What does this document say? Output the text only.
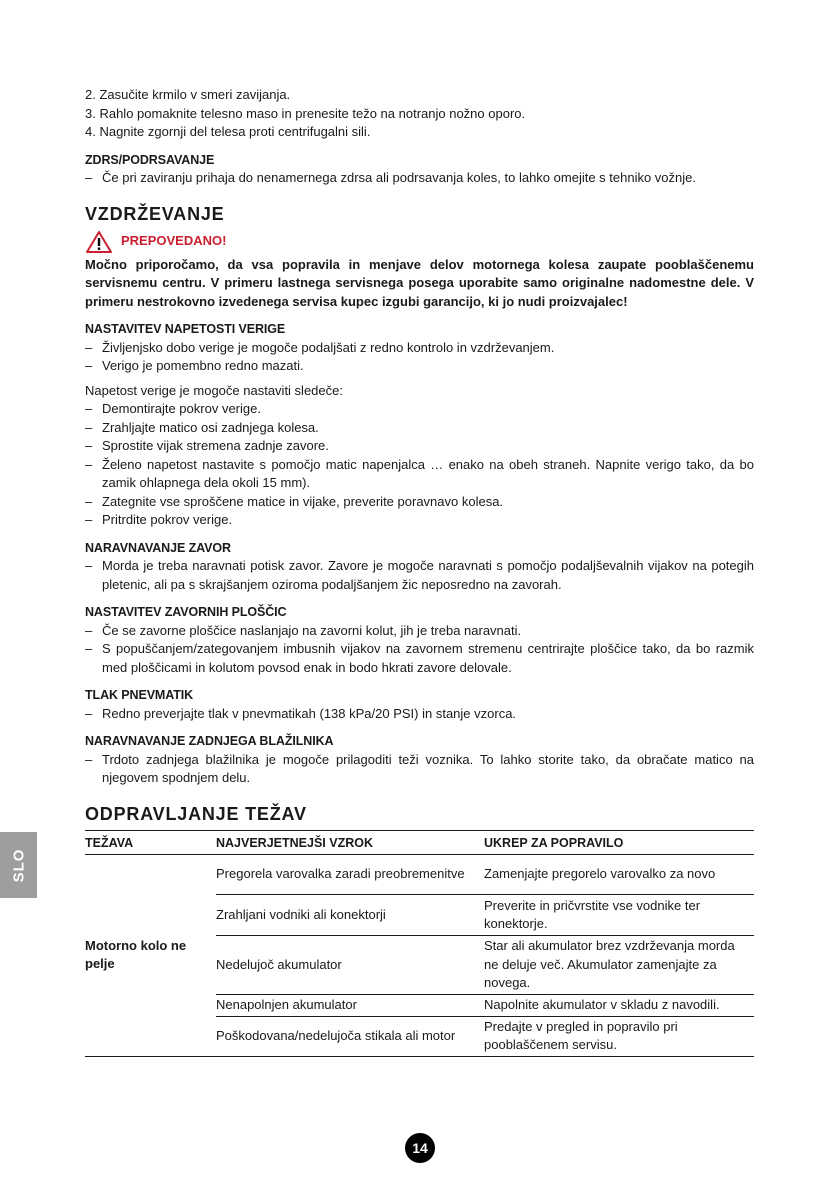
SLO

2. Zasučite krmilo v smeri zavijanja.

3. Rahlo pomaknite telesno maso in prenesite težo na notranjo nožno oporo.

4. Nagnite zgornji del telesa proti centrifugalni sili.

ZDRS/PODRSAVANJE

– Če pri zaviranju prihaja do nenamernega zdrsa ali podrsavanja koles, to lahko omejite s tehniko vožnje.
VZDRŽEVANJE
PREPOVEDANO!

Močno priporočamo, da vsa popravila in menjave delov motornega kolesa zaupate pooblaščenemu servisnemu centru. V primeru lastnega servisnega posega uporabite samo originalne nadomestne dele. V primeru nestrokovno izvedenega servisa kupec izgubi garancijo, ki jo nudi proizvajalec!

NASTAVITEV NAPETOSTI VERIGE

– Življenjsko dobo verige je mogoče podaljšati z redno kontrolo in vzdrževanjem.
– Verigo je pomembno redno mazati.

Napetost verige je mogoče nastaviti sledeče:

– Demontirajte pokrov verige.
– Zrahljajte matico osi zadnjega kolesa.
– Sprostite vijak stremena zadnje zavore.
– Želeno napetost nastavite s pomočjo matic napenjalca … enako na obeh straneh. Napnite verigo tako, da bo zamik ohlapnega dela okoli 15 mm).
– Zategnite vse sproščene matice in vijake, preverite poravnavo kolesa.
– Pritrdite pokrov verige.

NARAVNAVANJE ZAVOR

– Morda je treba naravnati potisk zavor. Zavore je mogoče naravnati s pomočjo podaljševalnih vijakov na potegih pletenic, ali pa s skrajšanjem oziroma podaljšanjem žic neposredno na zavorah.

NASTAVITEV ZAVORNIH PLOŠČIC

– Če se zavorne ploščice naslanjajo na zavorni kolut, jih je treba naravnati.
– S popuščanjem/zategovanjem imbusnih vijakov na zavornem stremenu centrirajte ploščice tako, da bo razmik med ploščicami in kolutom povsod enak in bodo hkrati zavore delovale.

TLAK PNEVMATIK

– Redno preverjajte tlak v pnevmatikah (138 kPa/20 PSI) in stanje vzorca.

NARAVNAVANJE ZADNJEGA BLAŽILNIKA

– Trdoto zadnjega blažilnika je mogoče prilagoditi teži voznika. To lahko storite tako, da obračate matico na njegovem spodnjem delu.
ODPRAVLJANJE TEŽAV
TEŽAVA	NAJVERJETNEJŠI VZROK	UKREP ZA POPRAVILO
Motorno kolo ne pelje	Pregorela varovalka zaradi preobremenitve	Zamenjajte pregorelo varovalko za novo
	Zrahljani vodniki ali konektorji	Preverite in pričvrstite vse vodnike ter konektorje.
	Nedelujoč akumulator	Star ali akumulator brez vzdrževanja morda ne deluje več. Akumulator zamenjajte za novega.
	Nenapolnjen akumulator	Napolnite akumulator v skladu z navodili.
	Poškodovana/nedelujoča stikala ali motor	Predajte v pregled in popravilo pri pooblaščenem servisu.
14
